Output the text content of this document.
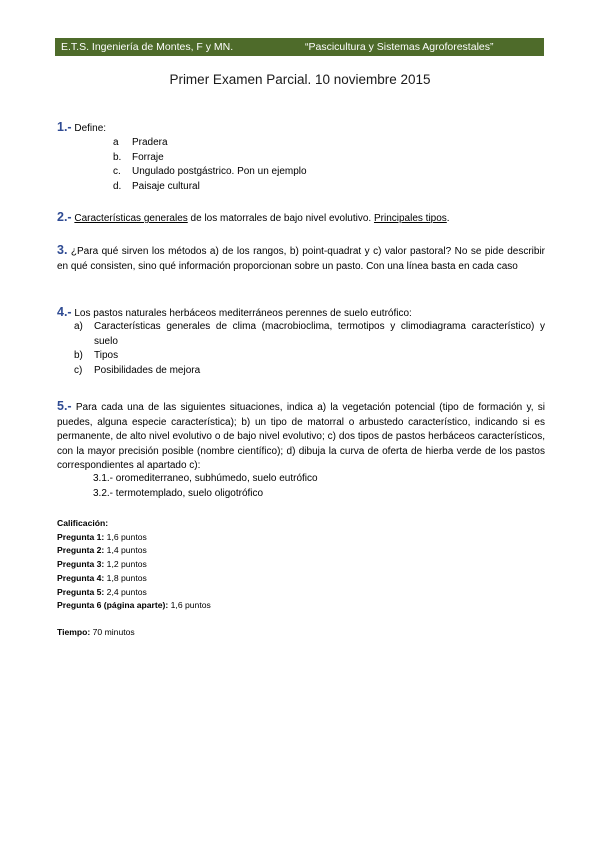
E.T.S. Ingeniería de Montes, F y MN.	“Pascicultura y Sistemas Agroforestales”
Primer Examen Parcial. 10 noviembre 2015
1.- Define:
a Pradera
b. Forraje
c. Ungulado postgástrico. Pon un ejemplo
d. Paisaje cultural
2.- Características generales de los matorrales de bajo nivel evolutivo. Principales tipos.
3. ¿Para qué sirven los métodos a) de los rangos, b) point-quadrat y c) valor pastoral? No se pide describir en qué consisten, sino qué información proporcionan sobre un pasto. Con una línea basta en cada caso
4.- Los pastos naturales herbáceos mediterráneos perennes de suelo eutrófico:
a) Características generales de clima (macrobioclima, termotipos y climodiagrama característico) y suelo
b) Tipos
c) Posibilidades de mejora
5.- Para cada una de las siguientes situaciones, indica a) la vegetación potencial (tipo de formación y, si puedes, alguna especie característica); b) un tipo de matorral o arbustedo característico, indicando si es permanente, de alto nivel evolutivo o de bajo nivel evolutivo; c) dos tipos de pastos herbáceos característicos, con la mayor precisión posible (nombre científico); d) dibuja la curva de oferta de hierba verde de los pastos correspondientes al apartado c):
3.1.- oromediterraneo, subhúmedo, suelo eutrófico
3.2.- termotemplado, suelo oligotrófico
Calificación:
Pregunta 1: 1,6 puntos
Pregunta 2: 1,4 puntos
Pregunta 3: 1,2 puntos
Pregunta 4: 1,8 puntos
Pregunta 5: 2,4 puntos
Pregunta 6 (página aparte): 1,6 puntos
Tiempo: 70 minutos
